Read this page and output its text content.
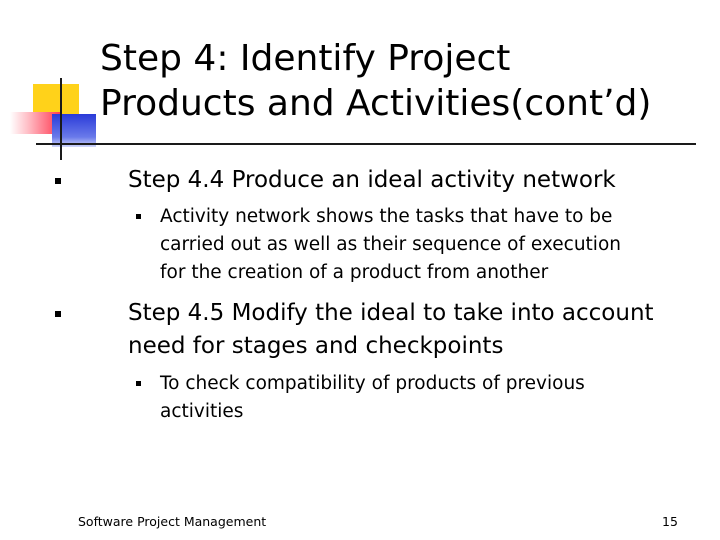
Step 4: Identify Project
Products and Activities(cont’d)

Step 4.4 Produce an ideal activity network

Activity network shows the tasks that have to be
carried out as well as their sequence of execution
for the creation of a product from another

Step 4.5 Modify the ideal to take into account
need for stages and checkpoints

To check compatibility of products of previous
activities

Software Project Management	15
